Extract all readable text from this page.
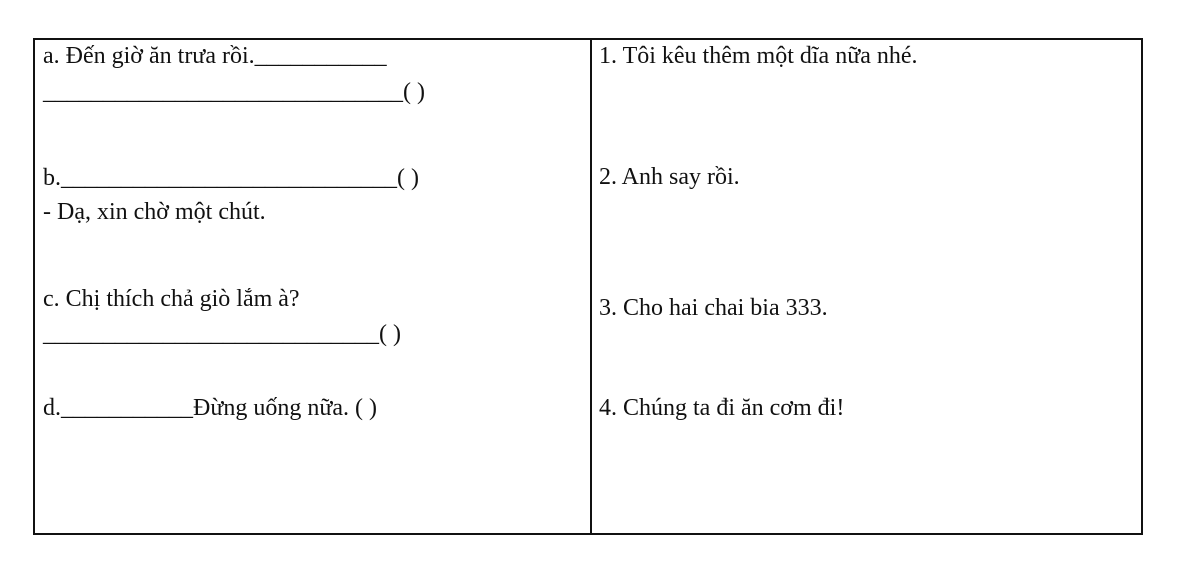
a. Đến giờ ăn trưa rồi.___________
______________________________( )
b.____________________________( )
- Dạ, xin chờ một chút.
c. Chị thích chả giò lắm à?
____________________________( )
d.___________Đừng uống nữa. ( )
1. Tôi kêu thêm một dĩa nữa nhé.
2. Anh say rồi.
3. Cho hai chai bia 333.
4. Chúng ta đi ăn cơm đi!
